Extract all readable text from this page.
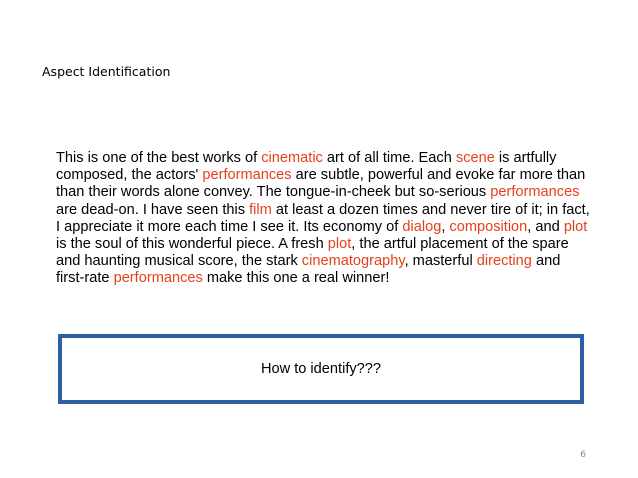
Aspect Identification
This is one of the best works of cinematic art of all time. Each scene is artfully
composed, the actors' performances are subtle, powerful and evoke far more than
than their words alone convey. The tongue-in-cheek but so-serious performances
are dead-on. I have seen this film at least a dozen times and never tire of it; in fact,
I appreciate it more each time I see it. Its economy of dialog, composition, and plot
is the soul of this wonderful piece. A fresh plot, the artful placement of the spare
and haunting musical score, the stark cinematography, masterful directing and
first-rate performances make this one a real winner!
How to identify???
6
